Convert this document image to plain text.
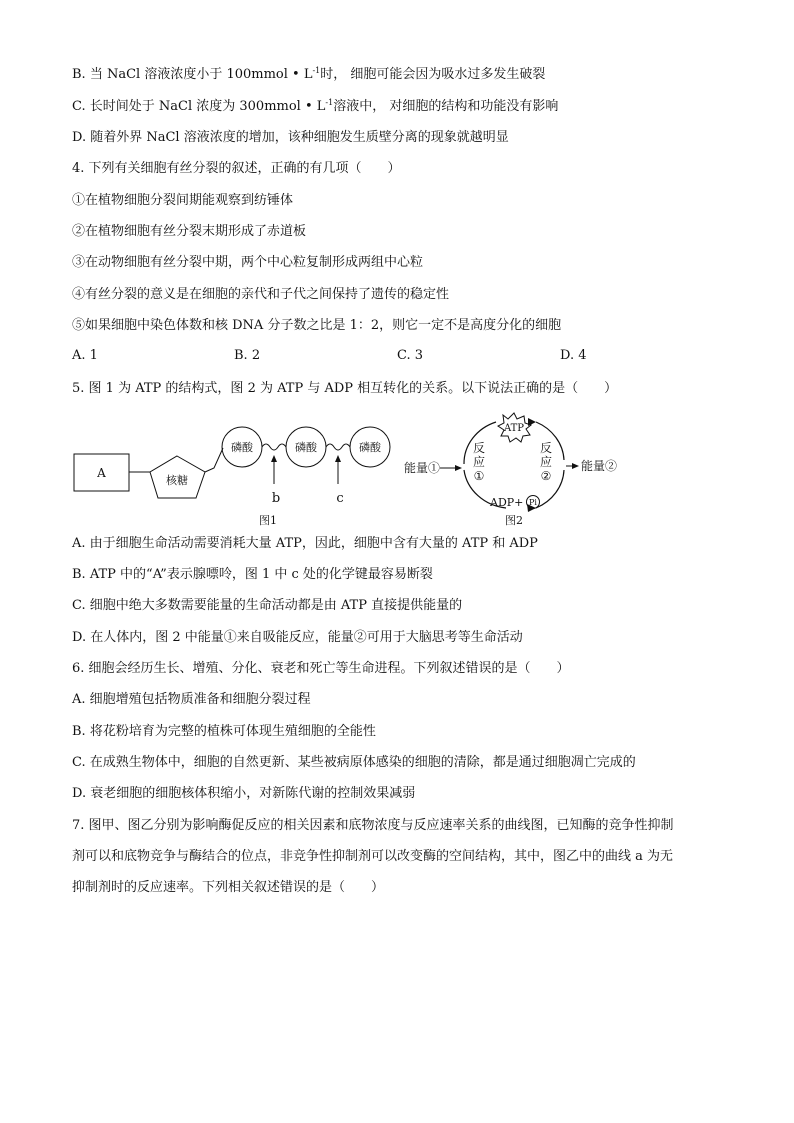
B. 当 NaCl 溶液浓度小于 100mmol • $L^{-1}$时， 细胞可能会因为吸水过多发生破裂
C. 长时间处于 NaCl 浓度为 300mmol • $L^{-1}$溶液中， 对细胞的结构和功能没有影响
D. 随着外界 NaCl 溶液浓度的增加，该种细胞发生质壁分离的现象就越明显
4. 下列有关细胞有丝分裂的叙述，正确的有几项（　　）
①在植物细胞分裂间期能观察到纺锤体
②在植物细胞有丝分裂末期形成了赤道板
③在动物细胞有丝分裂中期，两个中心粒复制形成两组中心粒
④有丝分裂的意义是在细胞的亲代和子代之间保持了遗传的稳定性
⑤如果细胞中染色体数和核 DNA 分子数之比是 1：2，则它一定不是高度分化的细胞
A. 1	B. 2	C. 3	D. 4
5. 图 1 为 ATP 的结构式，图 2 为 ATP 与 ADP 相互转化的关系。以下说法正确的是（　　）
A
核糖
磷酸	磷酸	磷酸
b	c
图1
ATP
反
应
①
反
应
②
能量①	能量②
ADP+ Pi
图2
A. 由于细胞生命活动需要消耗大量 ATP，因此，细胞中含有大量的 ATP 和 ADP
B. ATP 中的“A”表示腺嘌呤，图 1 中 c 处的化学键最容易断裂
C. 细胞中绝大多数需要能量的生命活动都是由 ATP 直接提供能量的
D. 在人体内，图 2 中能量①来自吸能反应，能量②可用于大脑思考等生命活动
6. 细胞会经历生长、增殖、分化、衰老和死亡等生命进程。下列叙述错误的是（　　）
A. 细胞增殖包括物质准备和细胞分裂过程
B. 将花粉培育为完整的植株可体现生殖细胞的全能性
C. 在成熟生物体中，细胞的自然更新、某些被病原体感染的细胞的清除，都是通过细胞凋亡完成的
D. 衰老细胞的细胞核体积缩小，对新陈代谢的控制效果减弱
7. 图甲、图乙分别为影响酶促反应的相关因素和底物浓度与反应速率关系的曲线图，已知酶的竞争性抑制
剂可以和底物竞争与酶结合的位点，非竞争性抑制剂可以改变酶的空间结构，其中，图乙中的曲线 a 为无
抑制剂时的反应速率。下列相关叙述错误的是（　　）
